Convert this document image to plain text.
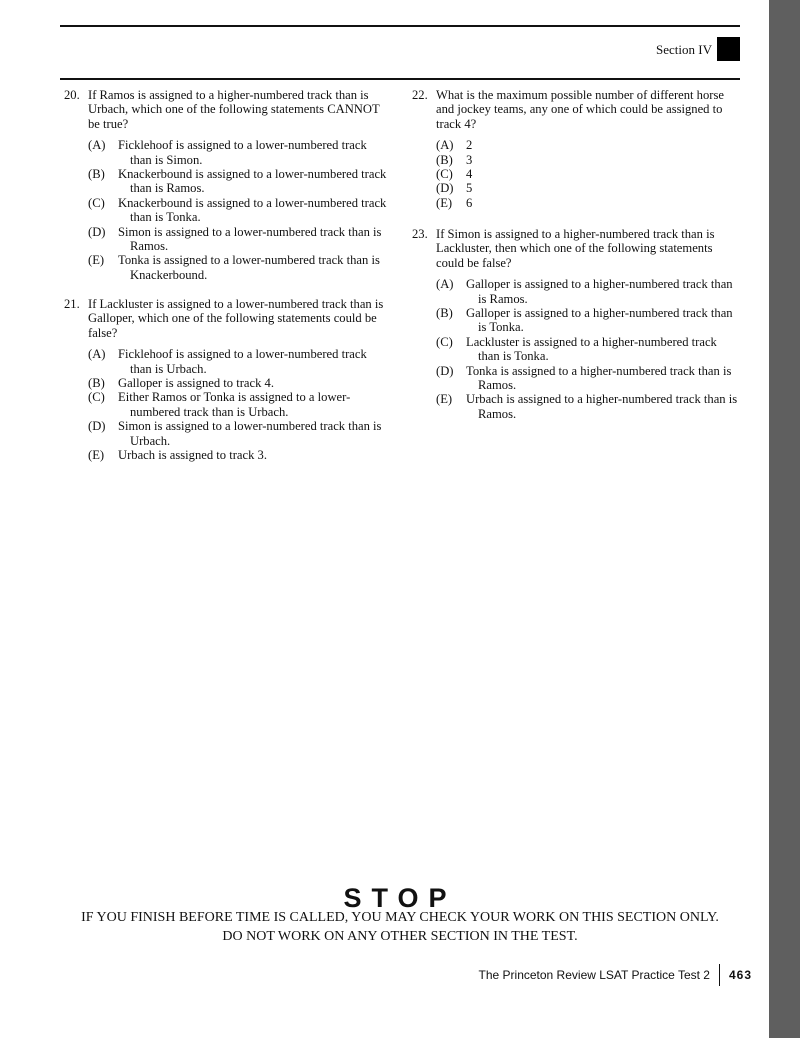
Section IV
20. If Ramos is assigned to a higher-numbered track than is Urbach, which one of the following statements CANNOT be true?
(A) Ficklehoof is assigned to a lower-numbered track than is Simon.
(B)	Knackerbound is assigned to a lower-numbered track than is Ramos.
(C)	Knackerbound is assigned to a lower-numbered track than is Tonka.
(D) Simon is assigned to a lower-numbered track than is Ramos.
(E)	Tonka is assigned to a lower-numbered track than is Knackerbound.
21. If Lackluster is assigned to a lower-numbered track than is Galloper, which one of the following statements could be false?
(A) Ficklehoof is assigned to a lower-numbered track than is Urbach.
(B)	Galloper is assigned to track 4.
(C)	Either Ramos or Tonka is assigned to a lower-numbered track than is Urbach.
(D) Simon is assigned to a lower-numbered track than is Urbach.
(E)	Urbach is assigned to track 3.
22. What is the maximum possible number of different horse and jockey teams, any one of which could be assigned to track 4?
(A) 2
(B)	3
(C)	4
(D) 5
(E)	6
23. If Simon is assigned to a higher-numbered track than is Lackluster, then which one of the following statements could be false?
(A) Galloper is assigned to a higher-numbered track than is Ramos.
(B)	Galloper is assigned to a higher-numbered track than is Tonka.
(C)	Lackluster is assigned to a higher-numbered track than is Tonka.
(D) Tonka is assigned to a higher-numbered track than is Ramos.
(E)	Urbach is assigned to a higher-numbered track than is Ramos.
STOP
IF YOU FINISH BEFORE TIME IS CALLED, YOU MAY CHECK YOUR WORK ON THIS SECTION ONLY.
DO NOT WORK ON ANY OTHER SECTION IN THE TEST.
The Princeton Review LSAT Practice Test 2 463
